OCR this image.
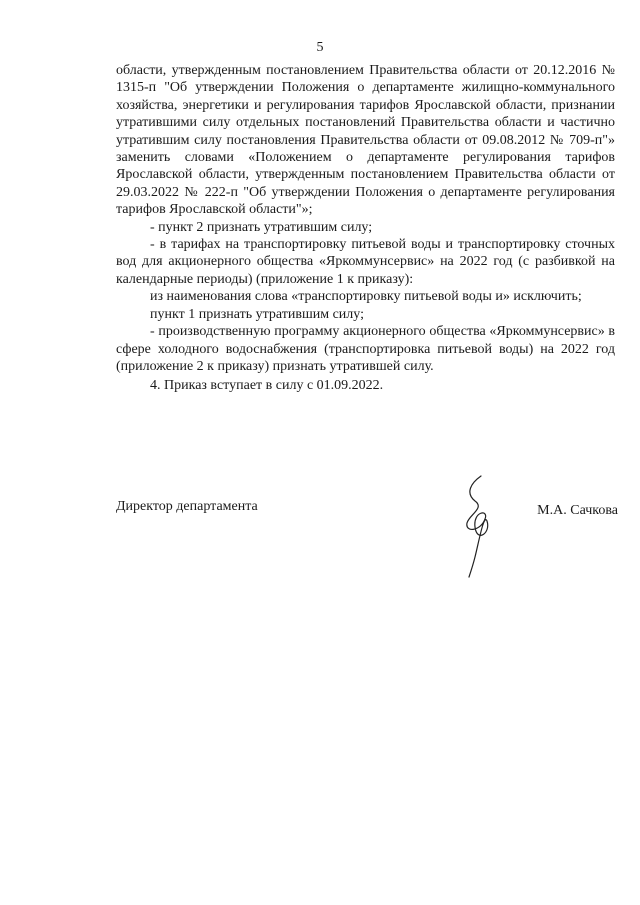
5

области, утвержденным постановлением Правительства области от 20.12.2016 № 1315-п "Об утверждении Положения о департаменте жилищно-коммунального хозяйства, энергетики и регулирования тарифов Ярославской области, признании утратившими силу отдельных постановлений Правительства области и частично утратившим силу постановления Правительства области от 09.08.2012 № 709-п"» заменить словами «Положением о департаменте регулирования тарифов Ярославской области, утвержденным постановлением Правительства области от 29.03.2022 № 222-п "Об утверждении Положения о департаменте регулирования тарифов Ярославской области"»;

- пункт 2 признать утратившим силу;

- в тарифах на транспортировку питьевой воды и транспортировку сточных вод для акционерного общества «Яркоммунсервис» на 2022 год (с разбивкой на календарные периоды) (приложение 1 к приказу):

из наименования слова «транспортировку питьевой воды и» исключить;

пункт 1 признать утратившим силу;

- производственную программу акционерного общества «Яркоммунсервис» в сфере холодного водоснабжения (транспортировка питьевой воды) на 2022 год (приложение 2 к приказу) признать утратившей силу.

4. Приказ вступает в силу с 01.09.2022.

Директор департамента	М.А. Сачкова
